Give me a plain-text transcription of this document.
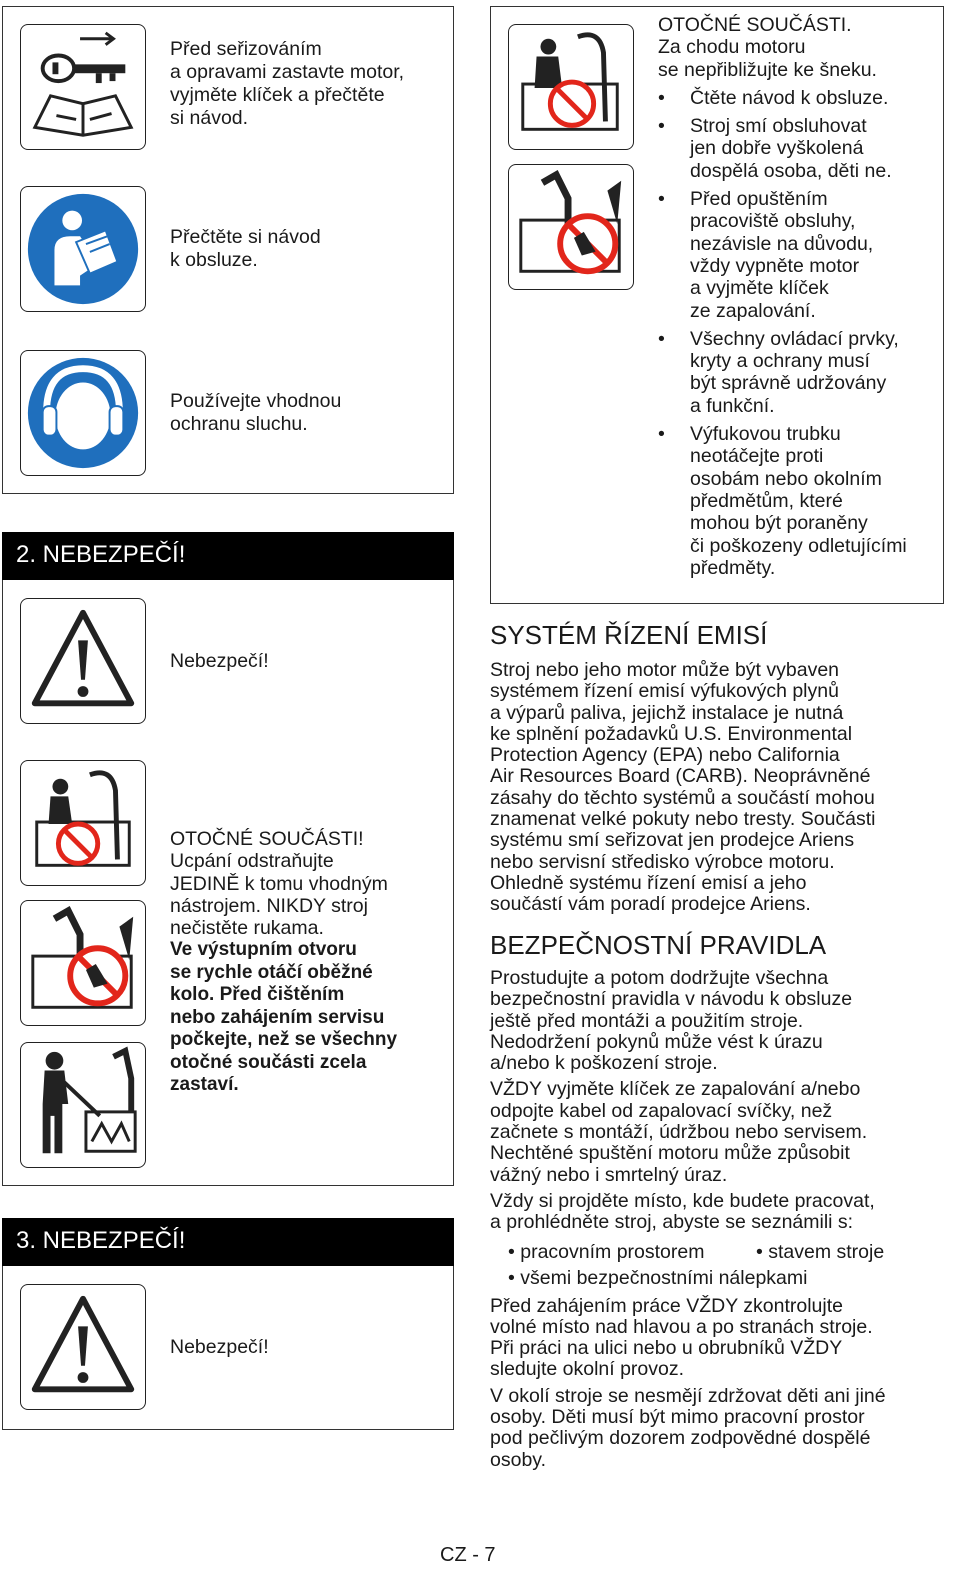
Před seřizováním
a opravami zastavte motor,
vyjměte klíček a přečtěte
si návod.
Přečtěte si návod
k obsluze.
Používejte vhodnou
ochranu sluchu.
2. NEBEZPEČÍ!
Nebezpečí!
OTOČNÉ SOUČÁSTI!
Ucpání odstraňujte
JEDINĚ k tomu vhodným
nástrojem. NIKDY stroj
nečistěte rukama.
Ve výstupním otvoru
se rychle otáčí oběžné
kolo. Před čištěním
nebo zahájením servisu
počkejte, než se všechny
otočné součásti zcela
zastaví.
3. NEBEZPEČÍ!
Nebezpečí!
OTOČNÉ SOUČÁSTI.
Za chodu motoru
se nepřibližujte ke šneku.
• Čtěte návod k obsluze.
• Stroj smí obsluhovat
jen dobře vyškolená
dospělá osoba, děti ne.
• Před opuštěním
pracoviště obsluhy,
nezávisle na důvodu,
vždy vypněte motor
a vyjměte klíček
ze zapalování.
• Všechny ovládací prvky,
kryty a ochrany musí
být správně udržovány
a funkční.
• Výfukovou trubku
neotáčejte proti
osobám nebo okolním
předmětům, které
mohou být poraněny
či poškozeny odletujícími
předměty.
SYSTÉM ŘÍZENÍ EMISÍ
Stroj nebo jeho motor může být vybaven
systémem řízení emisí výfukových plynů
a výparů paliva, jejichž instalace je nutná
ke splnění požadavků U.S. Environmental
Protection Agency (EPA) nebo California
Air Resources Board (CARB). Neoprávněné
zásahy do těchto systémů a součástí mohou
znamenat velké pokuty nebo tresty. Součásti
systému smí seřizovat jen prodejce Ariens
nebo servisní středisko výrobce motoru.
Ohledně systému řízení emisí a jeho
součástí vám poradí prodejce Ariens.
BEZPEČNOSTNÍ PRAVIDLA

Prostudujte a potom dodržujte všechna
bezpečnostní pravidla v návodu k obsluze
ještě před montáži a použitím stroje.
Nedodržení pokynů může vést k úrazu
a/nebo k poškození stroje.

VŽDY vyjměte klíček ze zapalování a/nebo
odpojte kabel od zapalovací svíčky, než
začnete s montáží, údržbou nebo servisem.
Nechtěné spuštění motoru může způsobit
vážný nebo i smrtelný úraz.

Vždy si projděte místo, kde budete pracovat,
a prohlédněte stroj, abyste se seznámili s:

• pracovním prostorem	• stavem stroje
• všemi bezpečnostními nálepkami

Před zahájením práce VŽDY zkontrolujte
volné místo nad hlavou a po stranách stroje.
Při práci na ulici nebo u obrubníků VŽDY
sledujte okolní provoz.

V okolí stroje se nesmějí zdržovat děti ani jiné
osoby. Děti musí být mimo pracovní prostor
pod pečlivým dozorem zodpovědné dospělé
osoby.

CZ - 7
